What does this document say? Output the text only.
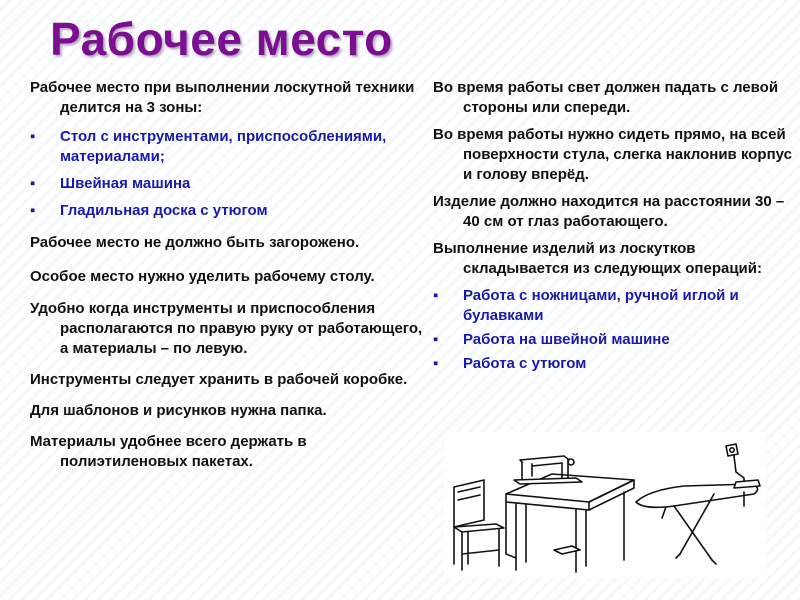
Рабочее место

Рабочее место при выполнении лоскутной техники делится на 3 зоны:

▪ Стол с инструментами, приспособлениями, материалами;
▪ Швейная машина
▪ Гладильная доска с утюгом

Рабочее место не должно быть загорожено.

Особое место нужно уделить рабочему столу.

Удобно когда инструменты и приспособления располагаются по правую руку от работающего, а материалы – по левую.

Инструменты следует хранить в рабочей коробке.

Для шаблонов и рисунков нужна папка.

Материалы удобнее всего держать в полиэтиленовых пакетах.

Во время работы свет должен падать с левой стороны или спереди.

Во время работы нужно сидеть прямо, на всей поверхности стула, слегка наклонив корпус и голову вперёд.

Изделие должно находится на расстоянии 30 – 40 см от глаз работающего.

Выполнение изделий из лоскутков складывается из следующих операций:

▪ Работа с ножницами, ручной иглой и булавками
▪ Работа на швейной машине
▪ Работа с утюгом
